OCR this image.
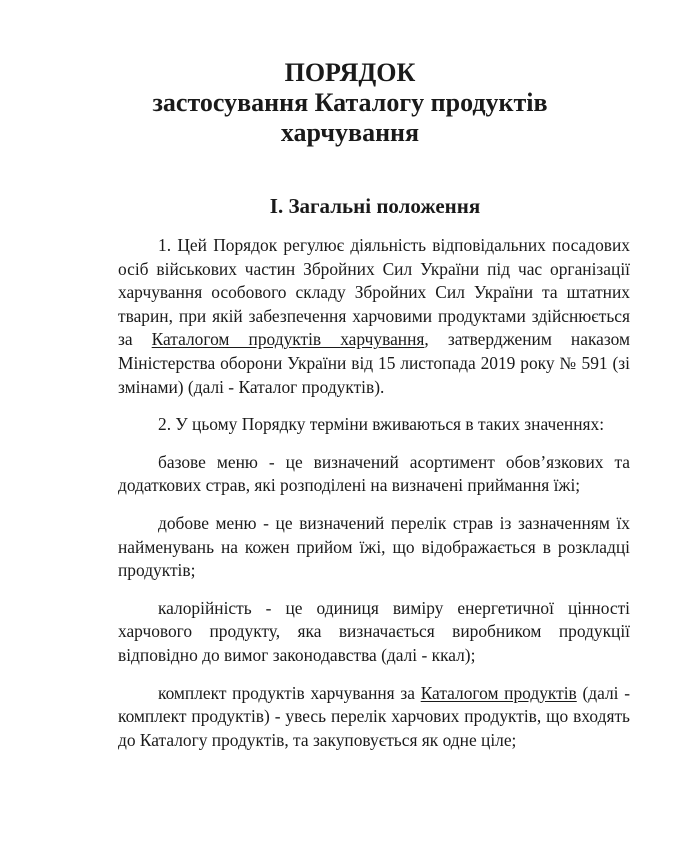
ПОРЯДОК
застосування Каталогу продуктів
харчування
I. Загальні положення

1. Цей Порядок регулює діяльність відповідальних посадових осіб військових частин Збройних Сил України під час організації харчування особового складу Збройних Сил України та штатних тварин, при якій забезпечення харчовими продуктами здійснюється за Каталогом продуктів харчування, затвердженим наказом Міністерства оборони України від 15 листопада 2019 року № 591 (зі змінами) (далі - Каталог продуктів).

2. У цьому Порядку терміни вживаються в таких значеннях:

базове меню - це визначений асортимент обов’язкових та додаткових страв, які розподілені на визначені приймання їжі;

добове меню - це визначений перелік страв із зазначенням їх найменувань на кожен прийом їжі, що відображається в розкладці продуктів;

калорійність - це одиниця виміру енергетичної цінності харчового продукту, яка визначається виробником продукції відповідно до вимог законодавства (далі - ккал);

комплект продуктів харчування за Каталогом продуктів (далі - комплект продуктів) - увесь перелік харчових продуктів, що входять до Каталогу продуктів, та закуповується як одне ціле;
